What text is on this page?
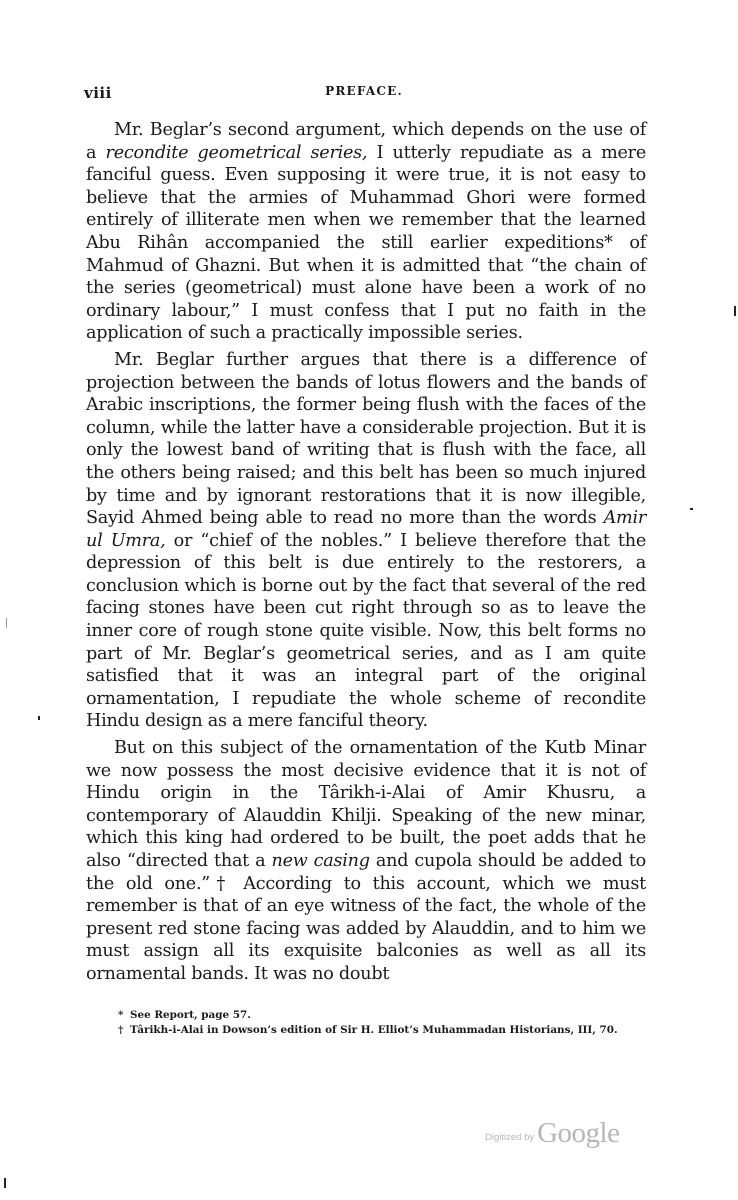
viii	PREFACE.

Mr. Beglar’s second argument, which depends on the use of a recondite geometrical series, I utterly repudiate as a mere fanciful guess. Even supposing it were true, it is not easy to believe that the armies of Muhammad Ghori were formed entirely of illiterate men when we remember that the learned Abu Rihân accompanied the still earlier expeditions* of Mahmud of Ghazni. But when it is admitted that “the chain of the series (geometrical) must alone have been a work of no ordinary labour,” I must confess that I put no faith in the application of such a practically impossible series.

Mr. Beglar further argues that there is a difference of projection between the bands of lotus flowers and the bands of Arabic inscriptions, the former being flush with the faces of the column, while the latter have a considerable projection. But it is only the lowest band of writing that is flush with the face, all the others being raised; and this belt has been so much injured by time and by ignorant restorations that it is now illegible, Sayid Ahmed being able to read no more than the words Amir ul Umra, or “chief of the nobles.” I believe therefore that the depression of this belt is due entirely to the restorers, a conclusion which is borne out by the fact that several of the red facing stones have been cut right through so as to leave the inner core of rough stone quite visible. Now, this belt forms no part of Mr. Beglar’s geometrical series, and as I am quite satisfied that it was an integral part of the original ornamentation, I repudiate the whole scheme of recondite Hindu design as a mere fanciful theory.

But on this subject of the ornamentation of the Kutb Minar we now possess the most decisive evidence that it is not of Hindu origin in the Târikh-i-Alai of Amir Khusru, a contemporary of Alauddin Khilji. Speaking of the new minar, which this king had ordered to be built, the poet adds that he also “directed that a new casing and cupola should be added to the old one.”† According to this account, which we must remember is that of an eye witness of the fact, the whole of the present red stone facing was added by Alauddin, and to him we must assign all its exquisite balconies as well as all its ornamental bands. It was no doubt

* See Report, page 57.

† Târikh-i-Alai in Dowson’s edition of Sir H. Elliot’s Muhammadan Historians, III, 70.

Digitized by Google
